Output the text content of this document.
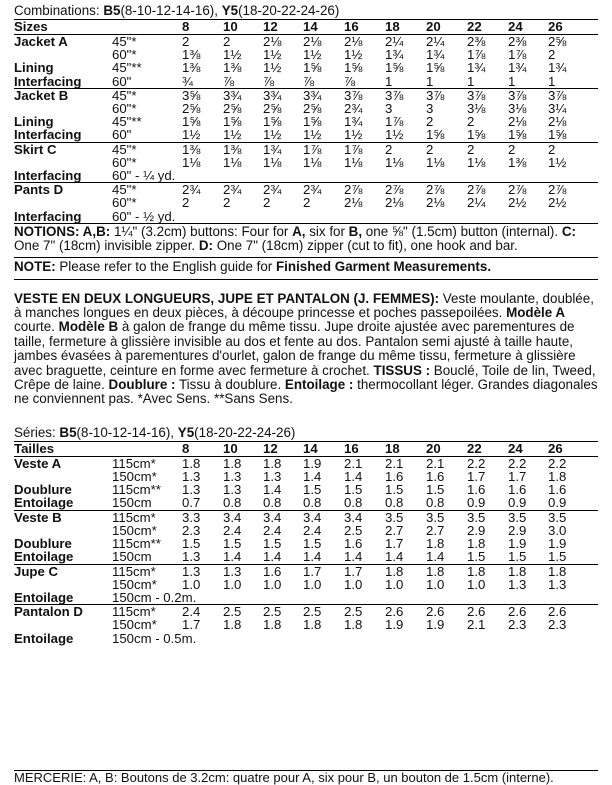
Combinations: B5(8-10-12-14-16), Y5(18-20-22-24-26)
Sizes		8	10	12	14	16	18	20	22	24	26
Jacket A	45"*	2	2	2⅛	2⅛	2⅛	2¼	2¼	2⅜	2⅜	2⅝
	60"*	1⅜	1½	1½	1½	1½	1¾	1¾	1⅞	1⅞	2
Lining	45"**	1⅜	1⅜	1½	1⅝	1⅝	1⅝	1⅝	1¾	1¾	1¾
Interfacing	60"	¾	⅞	⅞	⅞	⅞	1	1	1	1	1
Jacket B	45"*	3⅝	3¾	3¾	3¾	3⅞	3⅞	3⅞	3⅞	3⅞	3⅞
	60"*	2⅝	2⅝	2⅝	2⅝	2¾	3	3	3⅛	3⅛	3¼
Lining	45"**	1⅝	1⅝	1⅝	1⅝	1¾	1⅞	2	2	2⅛	2⅛
Interfacing	60"	1½	1½	1½	1½	1½	1½	1⅝	1⅝	1⅝	1⅝
Skirt C	45"*	1⅜	1⅜	1¾	1⅞	1⅞	2	2	2	2	2
	60"*	1⅛	1⅛	1⅛	1⅛	1⅛	1⅛	1⅛	1⅛	1⅜	1½
Interfacing	60" - ¼ yd.										
Pants D	45"*	2¾	2¾	2¾	2¾	2⅞	2⅞	2⅞	2⅞	2⅞	2⅞
	60"*	2	2	2	2	2⅛	2⅛	2⅛	2¼	2½	2½
Interfacing	60" - ½ yd.										
NOTIONS: A,B: 1¼" (3.2cm) buttons: Four for A, six for B, one ⅝" (1.5cm) button (internal). C: One 7" (18cm) invisible zipper. D: One 7" (18cm) zipper (cut to fit), one hook and bar.
NOTE: Please refer to the English guide for Finished Garment Measurements.
VESTE EN DEUX LONGUEURS, JUPE ET PANTALON (J. FEMMES): Veste moulante, doublée, à manches longues en deux pièces, à découpe princesse et poches passepoilées. Modèle A courte. Modèle B à galon de frange du même tissu. Jupe droite ajustée avec parementures de taille, fermeture à glissière invisible au dos et fente au dos. Pantalon semi ajusté à taille haute, jambes évasées à parementures d'ourlet, galon de frange du même tissu, fermeture à glissière avec braguette, ceinture en forme avec fermeture à crochet. TISSUS : Bouclé, Toile de lin, Tweed, Crêpe de laine. Doublure : Tissu à doublure. Entoilage : thermocollant léger. Grandes diagonales ne conviennent pas. *Avec Sens. **Sans Sens.
Séries: B5(8-10-12-14-16), Y5(18-20-22-24-26)
Tailles		8	10	12	14	16	18	20	22	24	26
Veste A	115cm*	1.8	1.8	1.8	1.9	2.1	2.1	2.1	2.2	2.2	2.2
	150cm*	1.3	1.3	1.3	1.4	1.4	1.6	1.6	1.7	1.7	1.8
Doublure	115cm**	1.3	1.3	1.4	1.5	1.5	1.5	1.5	1.6	1.6	1.6
Entoilage	150cm	0.7	0.8	0.8	0.8	0.8	0.8	0.8	0.9	0.9	0.9
Veste B	115cm*	3.3	3.4	3.4	3.4	3.4	3.5	3.5	3.5	3.5	3.5
	150cm*	2.3	2.4	2.4	2.4	2.5	2.7	2.7	2.9	2.9	3.0
Doublure	115cm**	1.5	1.5	1.5	1.5	1.6	1.7	1.8	1.8	1.9	1.9
Entoilage	150cm	1.3	1.4	1.4	1.4	1.4	1.4	1.4	1.5	1.5	1.5
Jupe C	115cm*	1.3	1.3	1.6	1.7	1.7	1.8	1.8	1.8	1.8	1.8
	150cm*	1.0	1.0	1.0	1.0	1.0	1.0	1.0	1.0	1.3	1.3
Entoilage	150cm - 0.2m.										
Pantalon D	115cm*	2.4	2.5	2.5	2.5	2.5	2.6	2.6	2.6	2.6	2.6
	150cm*	1.7	1.8	1.8	1.8	1.8	1.9	1.9	2.1	2.3	2.3
Entoilage	150cm - 0.5m.										
MERCERIE: A, B: Boutons de 3.2cm: quatre pour A, six pour B, un bouton de 1.5cm (interne).
